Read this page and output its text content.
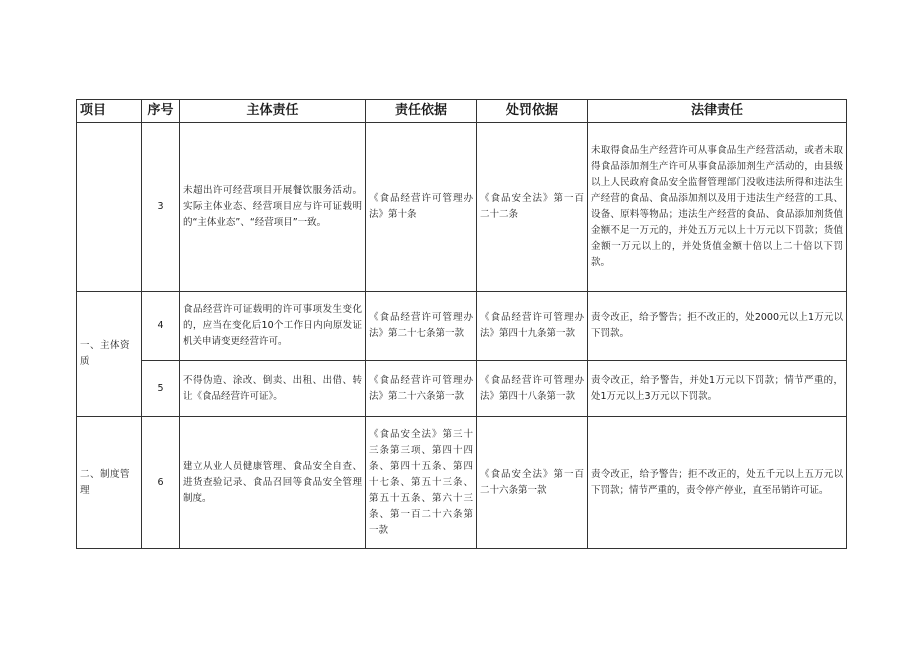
项目	序号	主体责任	责任依据	处罚依据	法律责任
	3	未超出许可经营项目开展餐饮服务活动。实际主体业态、经营项目应与许可证载明的“主体业态”、“经营项目”一致。	《食品经营许可管理办法》第十条	《食品安全法》第一百二十二条	未取得食品生产经营许可从事食品生产经营活动，或者未取得食品添加剂生产许可从事食品添加剂生产活动的，由县级以上人民政府食品安全监督管理部门没收违法所得和违法生产经营的食品、食品添加剂以及用于违法生产经营的工具、设备、原料等物品；违法生产经营的食品、食品添加剂货值金额不足一万元的，并处五万元以上十万元以下罚款；货值金额一万元以上的，并处货值金额十倍以上二十倍以下罚款。
一、主体资质	4	食品经营许可证载明的许可事项发生变化的，应当在变化后10个工作日内向原发证机关申请变更经营许可。	《食品经营许可管理办法》第二十七条第一款	《食品经营许可管理办法》第四十九条第一款	责令改正，给予警告；拒不改正的，处2000元以上1万元以下罚款。
	5	不得伪造、涂改、倒卖、出租、出借、转让《食品经营许可证》。	《食品经营许可管理办法》第二十六条第一款	《食品经营许可管理办法》第四十八条第一款	责令改正，给予警告，并处1万元以下罚款；情节严重的，处1万元以上3万元以下罚款。
二、制度管理	6	建立从业人员健康管理、食品安全自查、进货查验记录、食品召回等食品安全管理制度。	《食品安全法》第三十三条第三项、第四十四条、第四十五条、第四十七条、第五十三条、第五十五条、第六十三条、第一百二十六条第一款	《食品安全法》第一百二十六条第一款	责令改正，给予警告；拒不改正的，处五千元以上五万元以下罚款；情节严重的，责令停产停业，直至吊销许可证。
